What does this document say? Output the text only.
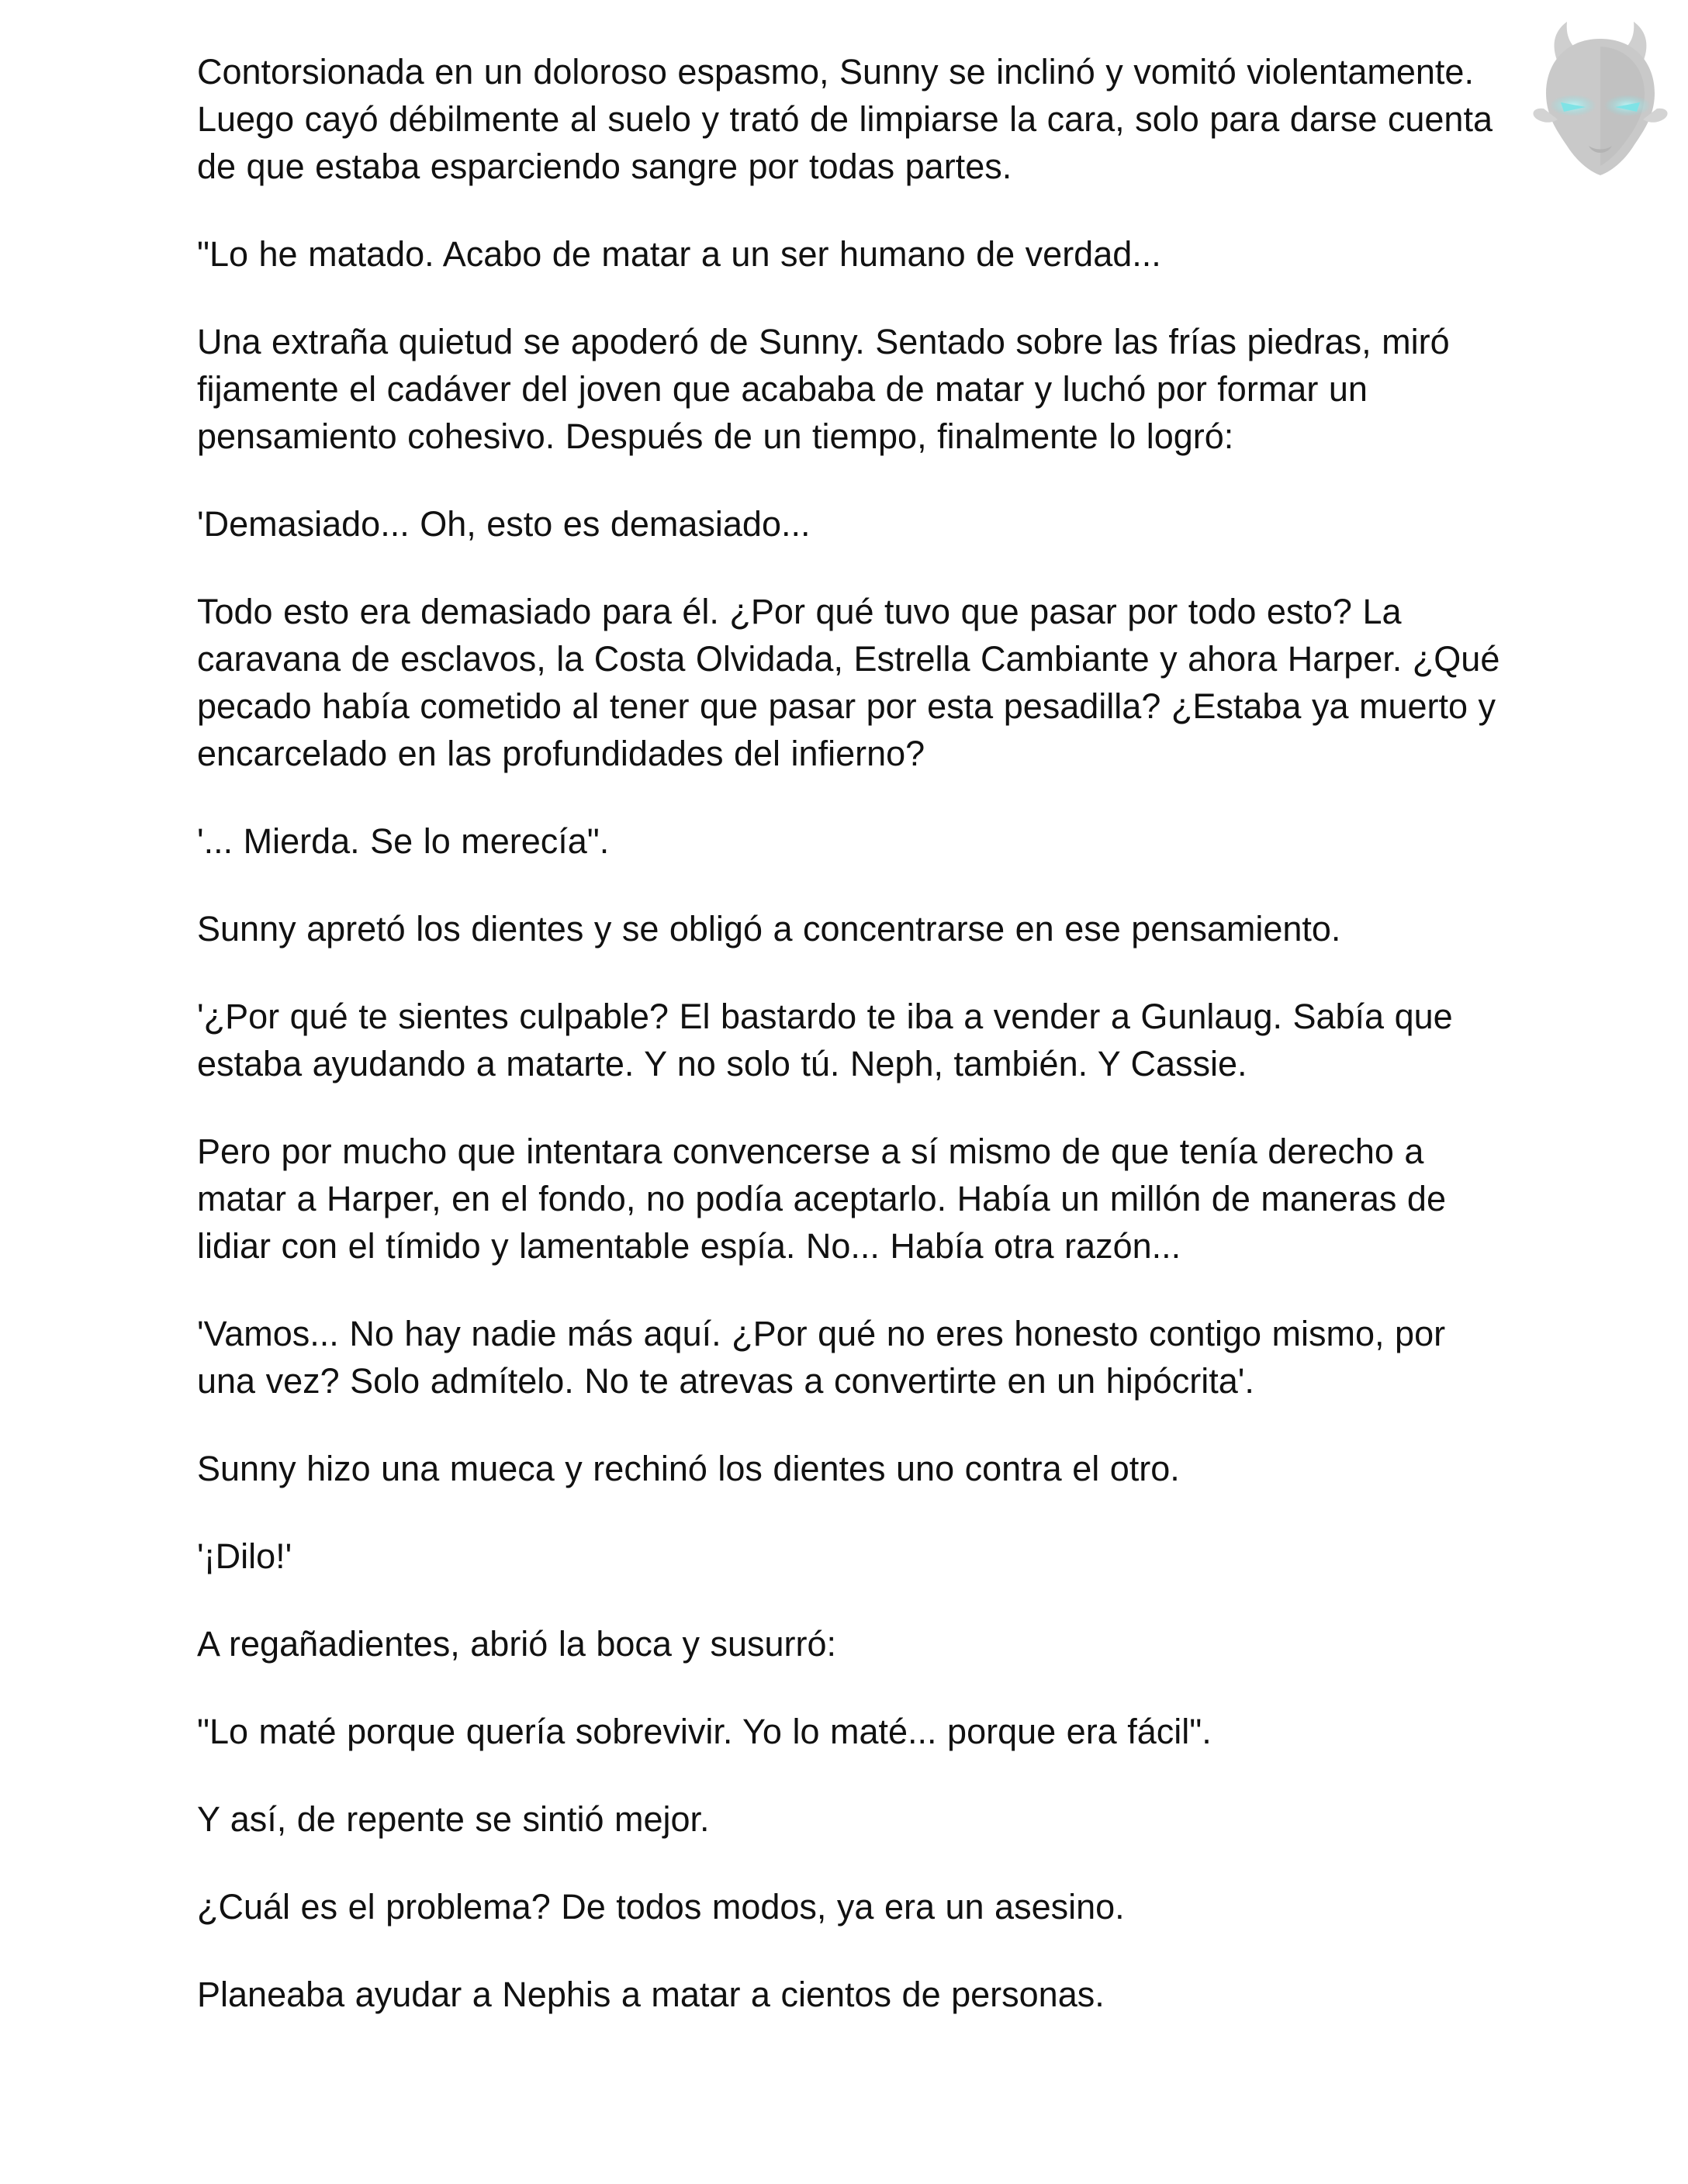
Contorsionada en un doloroso espasmo, Sunny se inclinó y vomitó violentamente. Luego cayó débilmente al suelo y trató de limpiarse la cara, solo para darse cuenta de que estaba esparciendo sangre por todas partes.

"Lo he matado. Acabo de matar a un ser humano de verdad...

Una extraña quietud se apoderó de Sunny. Sentado sobre las frías piedras, miró fijamente el cadáver del joven que acababa de matar y luchó por formar un pensamiento cohesivo. Después de un tiempo, finalmente lo logró:

'Demasiado... Oh, esto es demasiado...

Todo esto era demasiado para él. ¿Por qué tuvo que pasar por todo esto? La caravana de esclavos, la Costa Olvidada, Estrella Cambiante y ahora Harper. ¿Qué pecado había cometido al tener que pasar por esta pesadilla? ¿Estaba ya muerto y encarcelado en las profundidades del infierno?

'... Mierda. Se lo merecía".

Sunny apretó los dientes y se obligó a concentrarse en ese pensamiento.

'¿Por qué te sientes culpable? El bastardo te iba a vender a Gunlaug. Sabía que estaba ayudando a matarte. Y no solo tú. Neph, también. Y Cassie.

Pero por mucho que intentara convencerse a sí mismo de que tenía derecho a matar a Harper, en el fondo, no podía aceptarlo. Había un millón de maneras de lidiar con el tímido y lamentable espía. No... Había otra razón...

'Vamos... No hay nadie más aquí. ¿Por qué no eres honesto contigo mismo, por una vez? Solo admítelo. No te atrevas a convertirte en un hipócrita'.

Sunny hizo una mueca y rechinó los dientes uno contra el otro.

'¡Dilo!'

A regañadientes, abrió la boca y susurró:

"Lo maté porque quería sobrevivir. Yo lo maté... porque era fácil".

Y así, de repente se sintió mejor.

¿Cuál es el problema? De todos modos, ya era un asesino.

Planeaba ayudar a Nephis a matar a cientos de personas.
